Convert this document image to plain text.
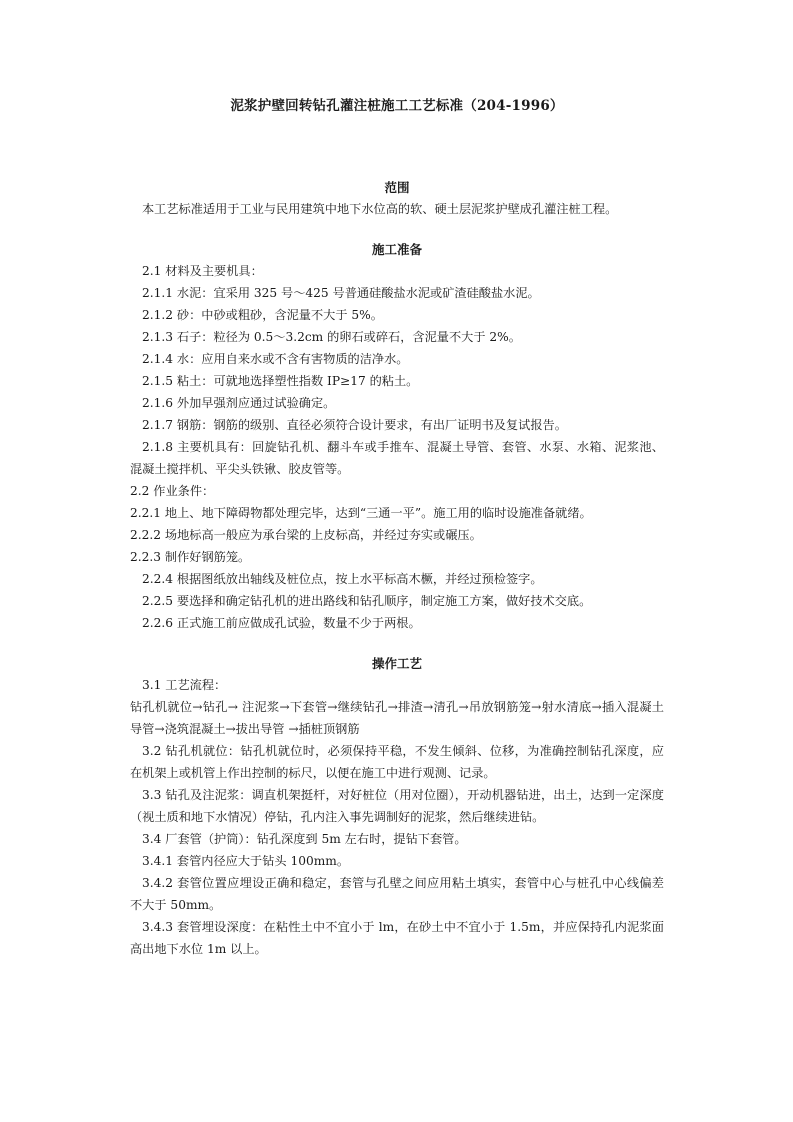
泥浆护壁回转钻孔灌注桩施工工艺标准（204-1996）
范围

本工艺标准适用于工业与民用建筑中地下水位高的软、硬土层泥浆护壁成孔灌注桩工程。

施工准备

2.1 材料及主要机具：

2.1.1 水泥：宜采用 325 号～425 号普通硅酸盐水泥或矿渣硅酸盐水泥。

2.1.2 砂：中砂或粗砂，含泥量不大于 5%。

2.1.3 石子：粒径为 0.5～3.2cm 的卵石或碎石，含泥量不大于 2%。

2.1.4 水：应用自来水或不含有害物质的洁净水。

2.1.5 粘土：可就地选择塑性指数 IP≥17 的粘土。

2.1.6 外加早强剂应通过试验确定。

2.1.7 钢筋：钢筋的级别、直径必须符合设计要求，有出厂证明书及复试报告。

2.1.8 主要机具有：回旋钻孔机、翻斗车或手推车、混凝土导管、套管、水泵、水箱、泥浆池、混凝土搅拌机、平尖头铁锹、胶皮管等。

2.2 作业条件：

2.2.1 地上、地下障碍物都处理完毕，达到“三通一平”。施工用的临时设施准备就绪。

2.2.2 场地标高一般应为承台梁的上皮标高，并经过夯实或碾压。

2.2.3 制作好钢筋笼。

2.2.4 根据图纸放出轴线及桩位点，按上水平标高木橛，并经过预检签字。

2.2.5 要选择和确定钻孔机的进出路线和钻孔顺序，制定施工方案，做好技术交底。

2.2.6 正式施工前应做成孔试验，数量不少于两根。

操作工艺

3.1 工艺流程：

钻孔机就位→钻孔→ 注泥浆→下套管→继续钻孔→排渣→清孔→吊放钢筋笼→射水清底→插入混凝土导管→浇筑混凝土→拔出导管 →插桩顶钢筋

3.2 钻孔机就位：钻孔机就位时，必须保持平稳，不发生倾斜、位移，为准确控制钻孔深度，应在机架上或机管上作出控制的标尺，以便在施工中进行观测、记录。

3.3 钻孔及注泥浆：调直机架挺杆，对好桩位（用对位圈），开动机器钻进，出土，达到一定深度（视土质和地下水情况）停钻，孔内注入事先调制好的泥浆，然后继续进钻。

3.4 厂套管（护筒）：钻孔深度到 5m 左右时，提钻下套管。

3.4.1 套管内径应大于钻头 100mm。

3.4.2 套管位置应埋设正确和稳定，套管与孔壁之间应用粘土填实，套管中心与桩孔中心线偏差不大于 50mm。

3.4.3 套管埋设深度：在粘性土中不宜小于 lm，在砂土中不宜小于 1.5m，并应保持孔内泥浆面高出地下水位 1m 以上。
